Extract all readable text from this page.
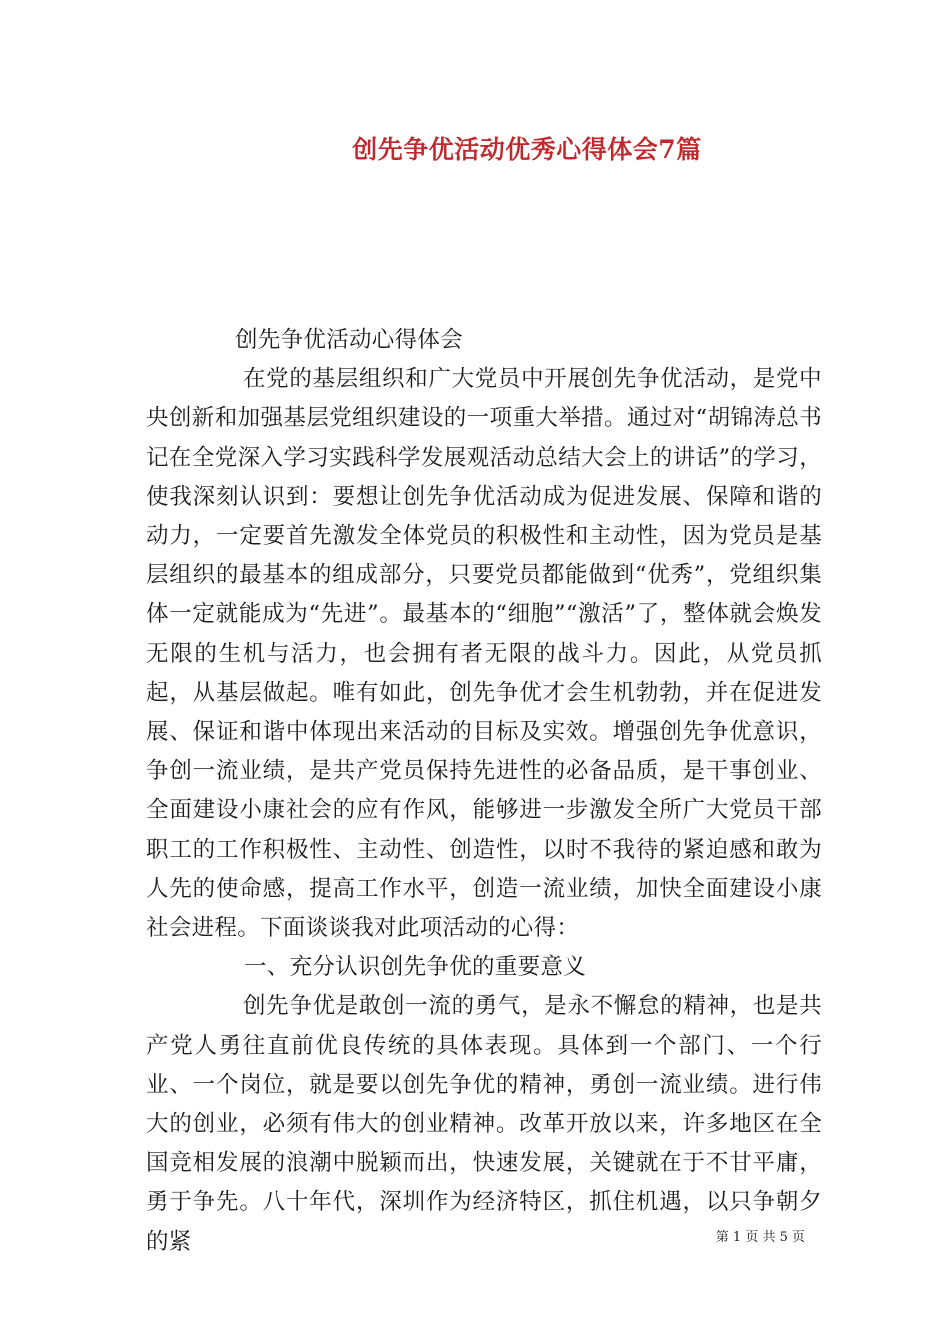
创先争优活动优秀心得体会7篇

创先争优活动心得体会

在党的基层组织和广大党员中开展创先争优活动，是党中央创新和加强基层党组织建设的一项重大举措。通过对“胡锦涛总书记在全党深入学习实践科学发展观活动总结大会上的讲话”的学习，使我深刻认识到：要想让创先争优活动成为促进发展、保障和谐的动力，一定要首先激发全体党员的积极性和主动性，因为党员是基层组织的最基本的组成部分，只要党员都能做到“优秀”，党组织集体一定就能成为“先进”。最基本的“细胞”“激活”了，整体就会焕发无限的生机与活力，也会拥有者无限的战斗力。因此，从党员抓起，从基层做起。唯有如此，创先争优才会生机勃勃，并在促进发展、保证和谐中体现出来活动的目标及实效。增强创先争优意识，争创一流业绩，是共产党员保持先进性的必备品质，是干事创业、全面建设小康社会的应有作风，能够进一步激发全所广大党员干部职工的工作积极性、主动性、创造性，以时不我待的紧迫感和敢为人先的使命感，提高工作水平，创造一流业绩，加快全面建设小康社会进程。下面谈谈我对此项活动的心得：

一、充分认识创先争优的重要意义

创先争优是敢创一流的勇气，是永不懈怠的精神，也是共产党人勇往直前优良传统的具体表现。具体到一个部门、一个行业、一个岗位，就是要以创先争优的精神，勇创一流业绩。进行伟大的创业，必须有伟大的创业精神。改革开放以来，许多地区在全国竞相发展的浪潮中脱颖而出，快速发展，关键就在于不甘平庸，勇于争先。八十年代，深圳作为经济特区，抓住机遇，以只争朝夕的紧	第 1 页 共 5 页
